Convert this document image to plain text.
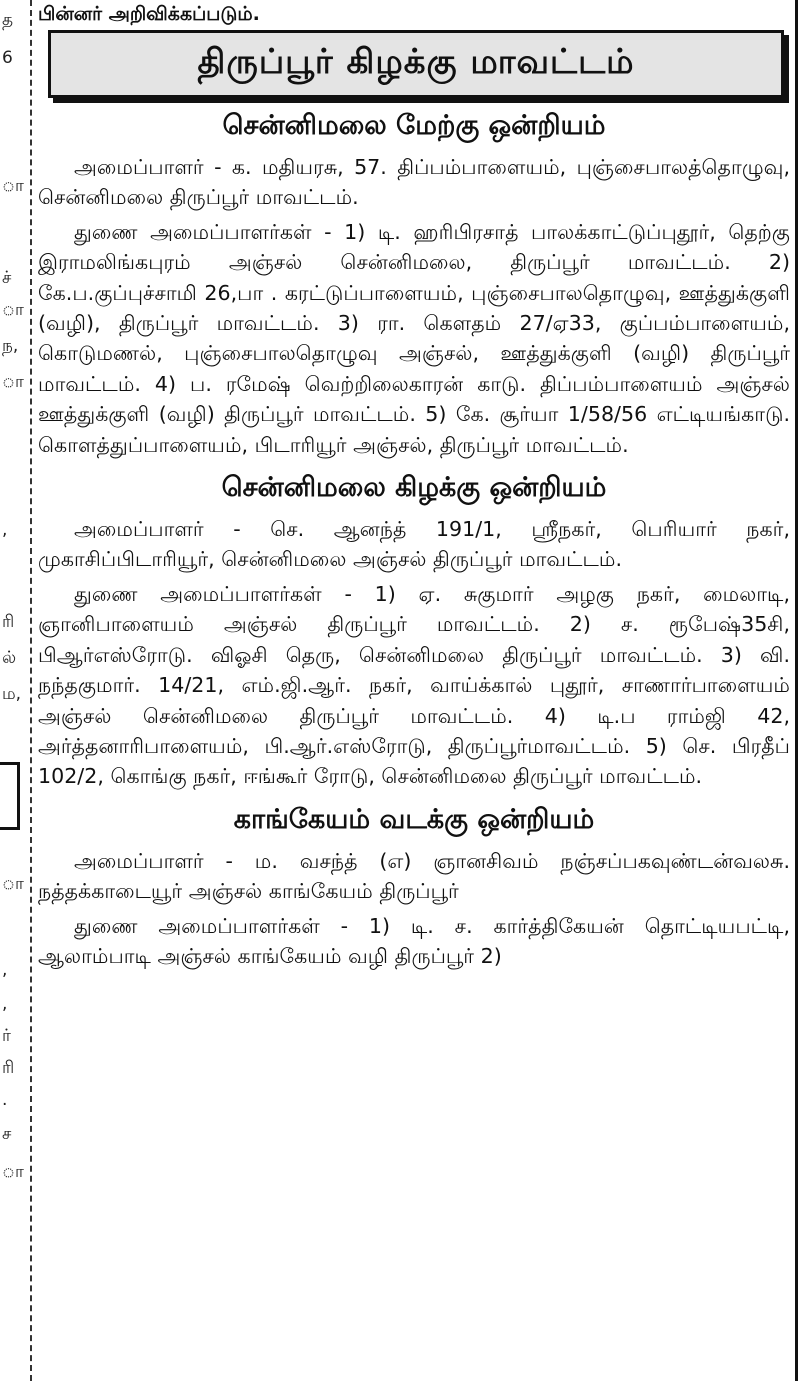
த
6
ா
ச்
ா
ந,
ா
,
ரி
ல்
ம,
ா
,
,
ர்
ரி
.
ச
ா
பின்னர் அறிவிக்கப்படும்.
திருப்பூர் கிழக்கு மாவட்டம்
சென்னிமலை மேற்கு ஒன்றியம்

அமைப்பாளர் - க. மதியரசு, 57. திப்பம்பாளையம், புஞ்சைபாலத்தொழுவு, சென்னிமலை திருப்பூர் மாவட்டம்.

துணை அமைப்பாளர்கள் - 1) டி. ஹரிபிரசாத் பாலக்காட்டுப்புதூர், தெற்கு இராமலிங்கபுரம் அஞ்சல் சென்னிமலை, திருப்பூர் மாவட்டம். 2) கே.ப.குப்புச்சாமி 26,பா . கரட்டுப்பாளையம், புஞ்சைபாலதொழுவு, ஊத்துக்குளி (வழி), திருப்பூர் மாவட்டம். 3) ரா. கௌதம் 27/ஏ33, குப்பம்பாளையம், கொடுமணல், புஞ்சைபாலதொழுவு அஞ்சல், ஊத்துக்குளி (வழி) திருப்பூர் மாவட்டம். 4) ப. ரமேஷ் வெற்றிலைகாரன் காடு. திப்பம்பாளையம் அஞ்சல் ஊத்துக்குளி (வழி) திருப்பூர் மாவட்டம். 5) கே. சூர்யா 1/58/56 எட்டியங்காடு. கொளத்துப்பாளையம், பிடாரியூர் அஞ்சல், திருப்பூர் மாவட்டம்.

சென்னிமலை கிழக்கு ஒன்றியம்

அமைப்பாளர் - செ. ஆனந்த் 191/1, ஸ்ரீநகர், பெரியார் நகர், முகாசிப்பிடாரியூர், சென்னிமலை அஞ்சல் திருப்பூர் மாவட்டம்.

துணை அமைப்பாளர்கள் - 1) ஏ. சுகுமார் அழகு நகர், மைலாடி, ஞானிபாளையம் அஞ்சல் திருப்பூர் மாவட்டம். 2) ச. ரூபேஷ்35சி, பிஆர்எஸ்ரோடு. விஓசி தெரு, சென்னிமலை திருப்பூர் மாவட்டம். 3) வி. நந்தகுமார். 14/21, எம்.ஜி.ஆர். நகர், வாய்க்கால் புதூர், சாணார்பாளையம் அஞ்சல் சென்னிமலை திருப்பூர் மாவட்டம். 4) டி.ப ராம்ஜி 42, அர்த்தனாரிபாளையம், பி.ஆர்.எஸ்ரோடு, திருப்பூர்மாவட்டம். 5) செ. பிரதீப் 102/2, கொங்கு நகர், ஈங்கூர் ரோடு, சென்னிமலை திருப்பூர் மாவட்டம்.

காங்கேயம் வடக்கு ஒன்றியம்

அமைப்பாளர் - ம. வசந்த் (எ) ஞானசிவம் நஞ்சப்பகவுண்டன்வலசு. நத்தக்காடையூர் அஞ்சல் காங்கேயம் திருப்பூர்

துணை அமைப்பாளர்கள் - 1) டி. ச. கார்த்திகேயன் தொட்டியபட்டி, ஆலாம்பாடி அஞ்சல் காங்கேயம் வழி திருப்பூர் 2)
